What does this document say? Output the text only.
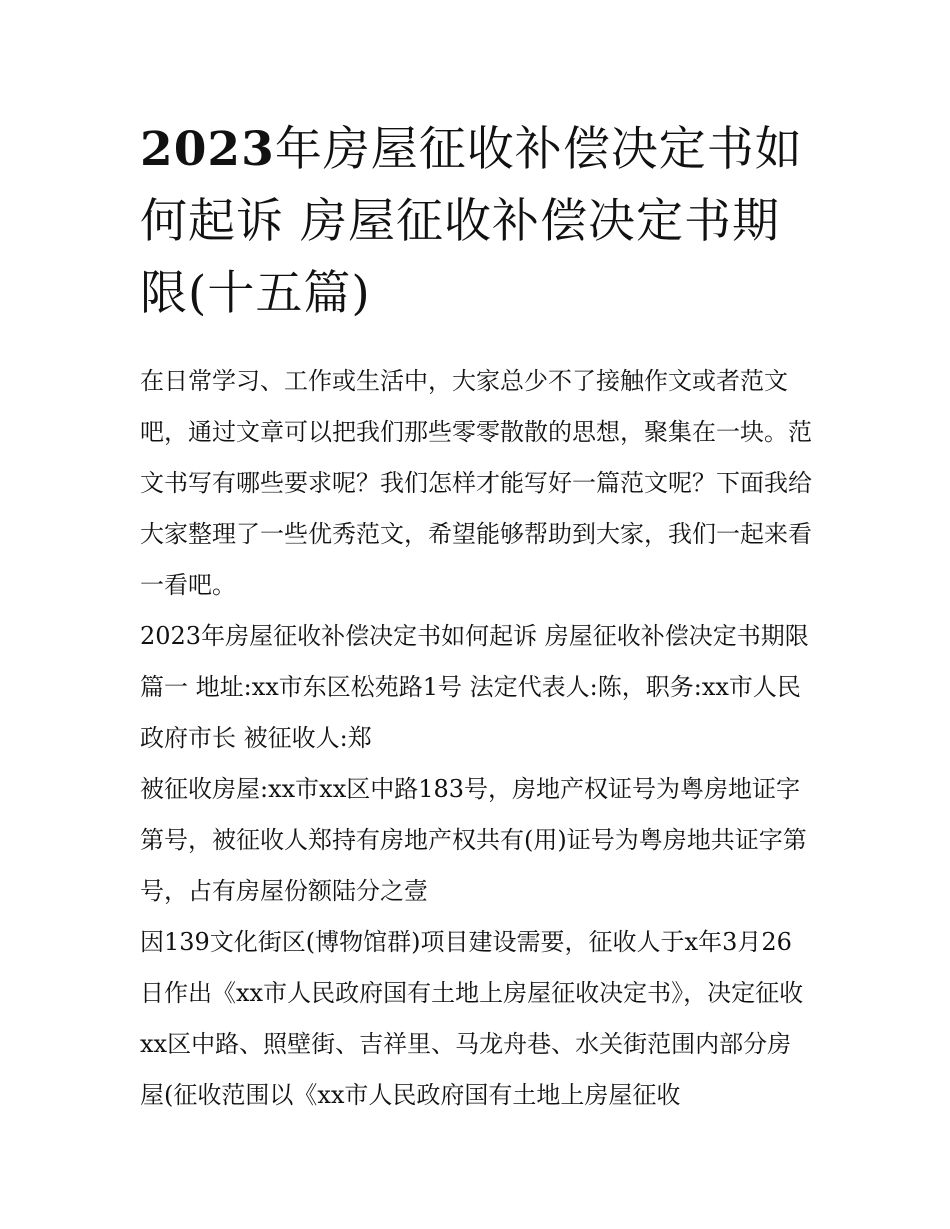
2023年房屋征收补偿决定书如何起诉 房屋征收补偿决定书期限(十五篇)

在日常学习、工作或生活中，大家总少不了接触作文或者范文吧，通过文章可以把我们那些零零散散的思想，聚集在一块。范文书写有哪些要求呢？我们怎样才能写好一篇范文呢？下面我给大家整理了一些优秀范文，希望能够帮助到大家，我们一起来看一看吧。

2023年房屋征收补偿决定书如何起诉 房屋征收补偿决定书期限篇一 地址:xx市东区松苑路1号 法定代表人:陈，职务:xx市人民政府市长 被征收人:郑

被征收房屋:xx市xx区中路183号，房地产权证号为粤房地证字第号，被征收人郑持有房地产权共有(用)证号为粤房地共证字第号，占有房屋份额陆分之壹

因139文化街区(博物馆群)项目建设需要，征收人于x年3月26日作出《xx市人民政府国有土地上房屋征收决定书》，决定征收xx区中路、照壁街、吉祥里、马龙舟巷、水关街范围内部分房屋(征收范围以《xx市人民政府国有土地上房屋征收
